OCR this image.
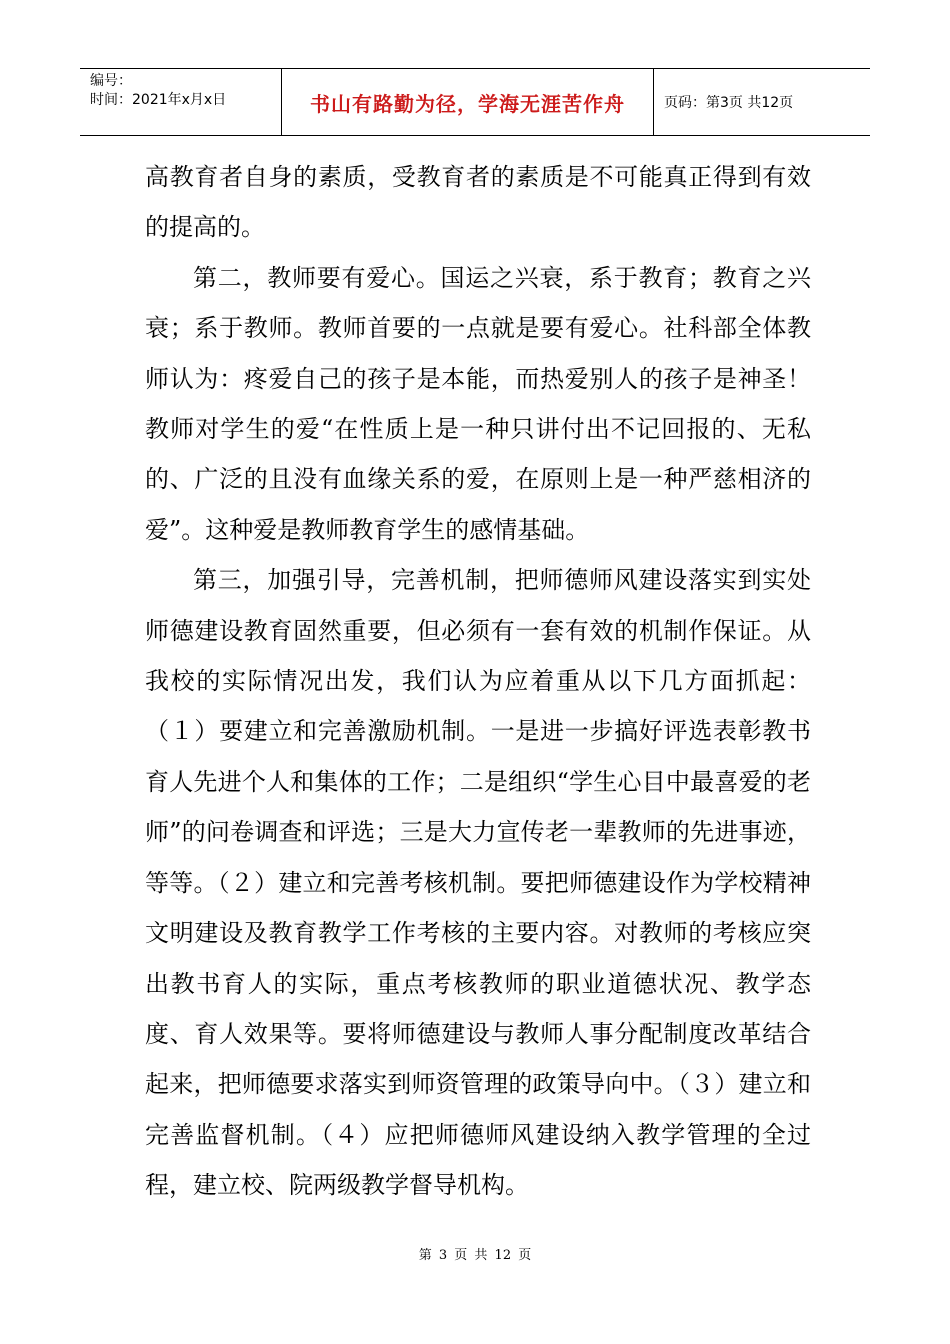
编号：
时间：2021年x月x日	书山有路勤为径，学海无涯苦作舟	页码：第3页 共12页

高教育者自身的素质，受教育者的素质是不可能真正得到有效的提高的。

第二，教师要有爱心。国运之兴衰，系于教育；教育之兴衰；系于教师。教师首要的一点就是要有爱心。社科部全体教师认为：疼爱自己的孩子是本能，而热爱别人的孩子是神圣！教师对学生的爱“在性质上是一种只讲付出不记回报的、无私的、广泛的且没有血缘关系的爱，在原则上是一种严慈相济的爱”。这种爱是教师教育学生的感情基础。

第三，加强引导，完善机制，把师德师风建设落实到实处师德建设教育固然重要，但必须有一套有效的机制作保证。从我校的实际情况出发，我们认为应着重从以下几方面抓起：（１）要建立和完善激励机制。一是进一步搞好评选表彰教书育人先进个人和集体的工作；二是组织“学生心目中最喜爱的老师”的问卷调查和评选；三是大力宣传老一辈教师的先进事迹，等等。（２）建立和完善考核机制。要把师德建设作为学校精神文明建设及教育教学工作考核的主要内容。对教师的考核应突出教书育人的实际，重点考核教师的职业道德状况、教学态度、育人效果等。要将师德建设与教师人事分配制度改革结合起来，把师德要求落实到师资管理的政策导向中。（３）建立和完善监督机制。（４）应把师德师风建设纳入教学管理的全过程，建立校、院两级教学督导机构。

第 3 页 共 12 页
